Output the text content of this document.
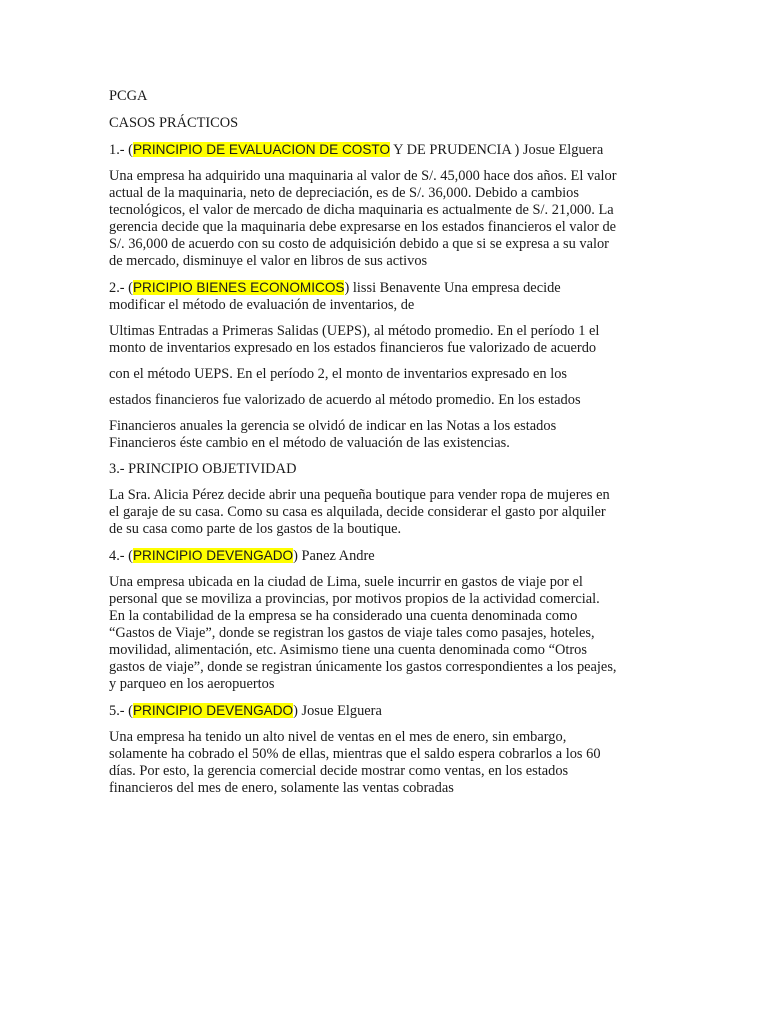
PCGA

CASOS PRÁCTICOS

1.- (PRINCIPIO DE EVALUACION DE COSTO Y DE PRUDENCIA ) Josue Elguera

Una empresa ha adquirido una maquinaria al valor de S/. 45,000 hace dos años. El valor

actual de la maquinaria, neto de depreciación, es de S/. 36,000. Debido a cambios

tecnológicos, el valor de mercado de dicha maquinaria es actualmente de S/. 21,000. La

gerencia decide que la maquinaria debe expresarse en los estados financieros el valor de

S/. 36,000 de acuerdo con su costo de adquisición debido a que si se expresa a su valor

de mercado, disminuye el valor en libros de sus activos

2.- (PRICIPIO BIENES ECONOMICOS) lissi Benavente Una empresa decide

modificar el método de evaluación de inventarios, de

Ultimas Entradas a Primeras Salidas (UEPS), al método promedio. En el período 1 el

monto de inventarios expresado en los estados financieros fue valorizado de acuerdo

con el método UEPS. En el período 2, el monto de inventarios expresado en los

estados financieros fue valorizado de acuerdo al método promedio. En los estados

Financieros anuales la gerencia se olvidó de indicar en las Notas a los estados

Financieros éste cambio en el método de valuación de las existencias.

3.- PRINCIPIO OBJETIVIDAD

La Sra. Alicia Pérez decide abrir una pequeña boutique para vender ropa de mujeres en

el garaje de su casa. Como su casa es alquilada, decide considerar el gasto por alquiler

de su casa como parte de los gastos de la boutique.

4.- (PRINCIPIO DEVENGADO) Panez Andre

Una empresa ubicada en la ciudad de Lima, suele incurrir en gastos de viaje por el

personal que se moviliza a provincias, por motivos propios de la actividad comercial.

En la contabilidad de la empresa se ha considerado una cuenta denominada como

“Gastos de Viaje”, donde se registran los gastos de viaje tales como pasajes, hoteles,

movilidad, alimentación, etc. Asimismo tiene una cuenta denominada como “Otros

gastos de viaje”, donde se registran únicamente los gastos correspondientes a los peajes,

y parqueo en los aeropuertos

5.- (PRINCIPIO DEVENGADO) Josue Elguera

Una empresa ha tenido un alto nivel de ventas en el mes de enero, sin embargo,

solamente ha cobrado el 50% de ellas, mientras que el saldo espera cobrarlos a los 60

días. Por esto, la gerencia comercial decide mostrar como ventas, en los estados

financieros del mes de enero, solamente las ventas cobradas
